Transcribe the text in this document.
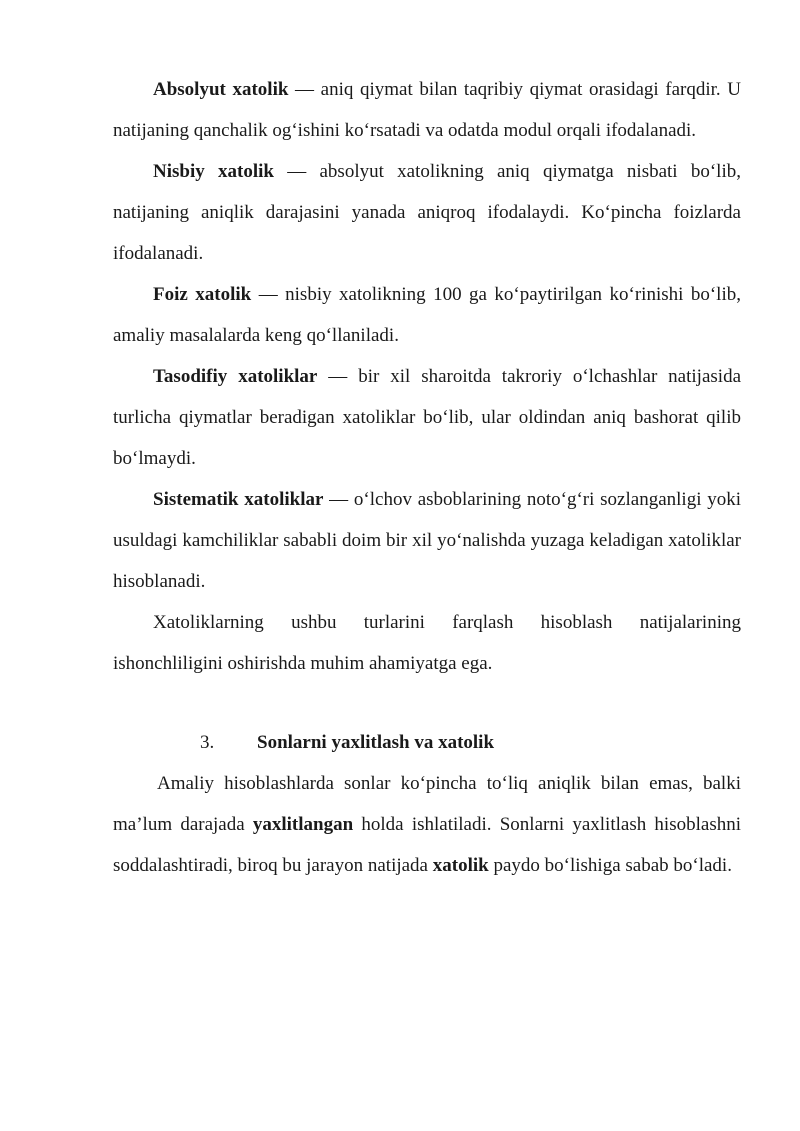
Absolyut xatolik — aniq qiymat bilan taqribiy qiymat orasidagi farqdir. U natijaning qanchalik og‘ishini ko‘rsatadi va odatda modul orqali ifodalanadi.

Nisbiy xatolik — absolyut xatolikning aniq qiymatga nisbati bo‘lib, natijaning aniqlik darajasini yanada aniqroq ifodalaydi. Ko‘pincha foizlarda ifodalanadi.

Foiz xatolik — nisbiy xatolikning 100 ga ko‘paytirilgan ko‘rinishi bo‘lib, amaliy masalalarda keng qo‘llaniladi.

Tasodifiy xatoliklar — bir xil sharoitda takroriy o‘lchashlar natijasida turlicha qiymatlar beradigan xatoliklar bo‘lib, ular oldindan aniq bashorat qilib bo‘lmaydi.

Sistematik xatoliklar — o‘lchov asboblarining noto‘g‘ri sozlanganligi yoki usuldagi kamchiliklar sababli doim bir xil yo‘nalishda yuzaga keladigan xatoliklar hisoblanadi.

Xatoliklarning ushbu turlarini farqlash hisoblash natijalarining ishonchliligini oshirishda muhim ahamiyatga ega.

3.	Sonlarni yaxlitlash va xatolik

Amaliy hisoblashlarda sonlar ko‘pincha to‘liq aniqlik bilan emas, balki ma’lum darajada yaxlitlangan holda ishlatiladi. Sonlarni yaxlitlash hisoblashni soddalashtiradi, biroq bu jarayon natijada xatolik paydo bo‘lishiga sabab bo‘ladi.
